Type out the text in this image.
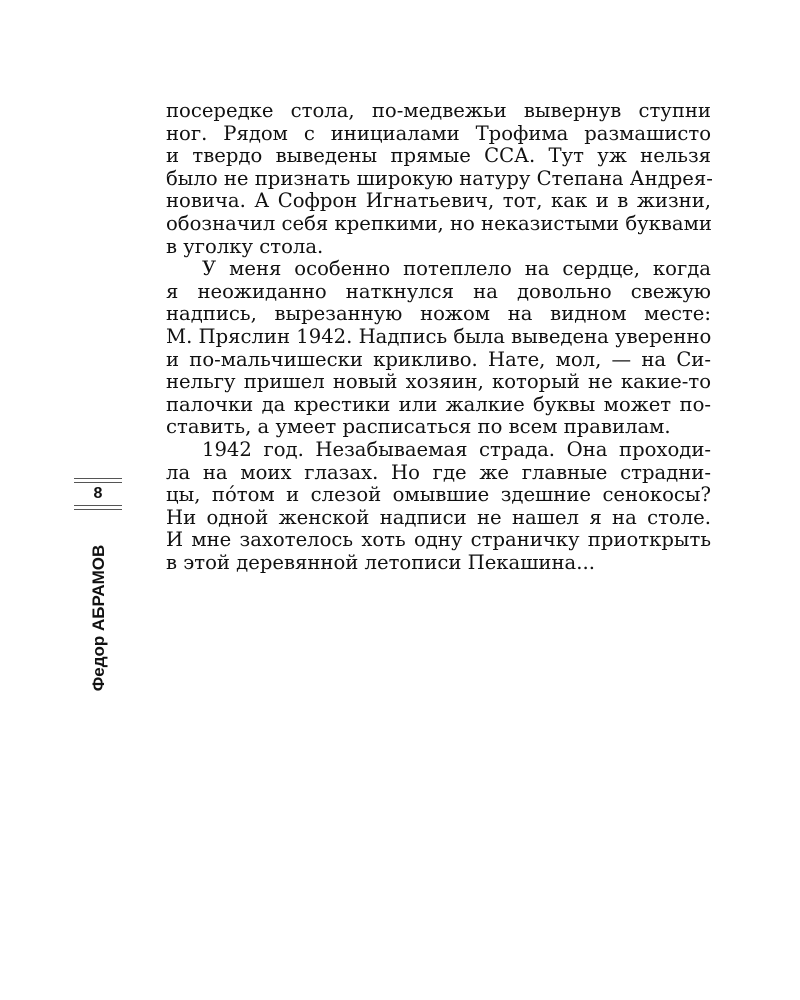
посередке стола, по-медвежьи вывернув ступни
ног. Рядом с инициалами Трофима размашисто
и твердо выведены прямые ССА. Тут уж нельзя
было не признать широкую натуру Степана Андрея-
новича. А Софрон Игнатьевич, тот, как и в жизни,
обозначил себя крепкими, но неказистыми буквами
в уголку стола.
У меня особенно потеплело на сердце, когда
я неожиданно наткнулся на довольно свежую
надпись, вырезанную ножом на видном месте:
М. Пряслин 1942. Надпись была выведена уверенно
и по-мальчишески крикливо. Нате, мол, — на Си-
нельгу пришел новый хозяин, который не какие-то
палочки да крестики или жалкие буквы может по-
ставить, а умеет расписаться по всем правилам.
1942 год. Незабываемая страда. Она проходи-
ла на моих глазах. Но где же главные страдни-
цы, пóтом и слезой омывшие здешние сенокосы?
Ни одной женской надписи не нашел я на столе.
И мне захотелось хоть одну страничку приоткрыть
в этой деревянной летописи Пекашина...
8
Федор АБРАМОВ
